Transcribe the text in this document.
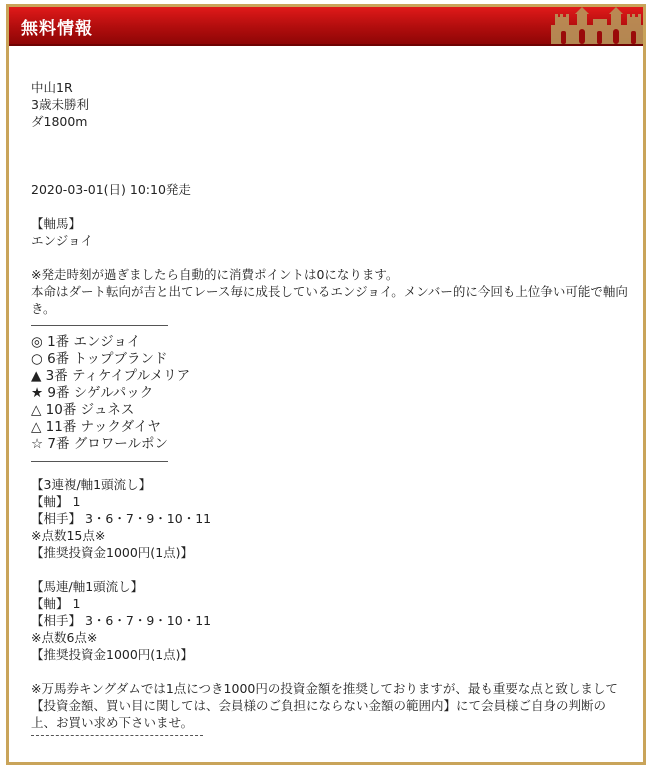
無料情報
中山1R
3歳未勝利
ダ1800m
2020-03-01(日) 10:10発走
【軸馬】
エンジョイ
※発走時刻が過ぎましたら自動的に消費ポイントは0になります。
本命はダート転向が吉と出てレース毎に成長しているエンジョイ。メンバー的に今回も上位争い可能で軸向き。
◎ 1番 エンジョイ
○ 6番 トップブランド
▲ 3番 ティケイプルメリア
★ 9番 シゲルパック
△ 10番 ジュネス
△ 11番 ナックダイヤ
☆ 7番 グロワールポン
【3連複/軸1頭流し】
【軸】 1
【相手】 3・6・7・9・10・11
※点数15点※
【推奨投資金1000円(1点)】
【馬連/軸1頭流し】
【軸】 1
【相手】 3・6・7・9・10・11
※点数6点※
【推奨投資金1000円(1点)】
※万馬券キングダムでは1点につき1000円の投資金額を推奨しておりますが、最も重要な点と致しまして
【投資金額、買い目に関しては、会員様のご負担にならない金額の範囲内】にて会員様ご自身の判断の
上、お買い求め下さいませ。
